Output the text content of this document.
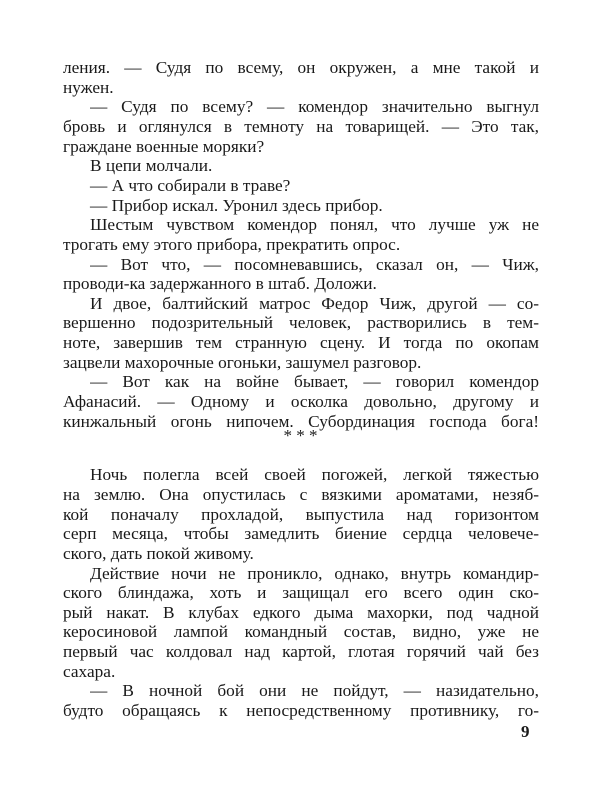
ления. — Судя по всему, он окружен, а мне такой и
нужен.
— Судя по всему? — комендор значительно выгнул
бровь и оглянулся в темноту на товарищей. — Это так,
граждане военные моряки?
В цепи молчали.
— А что собирали в траве?
— Прибор искал. Уронил здесь прибор.
Шестым чувством комендор понял, что лучше уж не
трогать ему этого прибора, прекратить опрос.
— Вот что, — посомневавшись, сказал он, — Чиж,
проводи-ка задержанного в штаб. Доложи.
И двое, балтийский матрос Федор Чиж, другой — со-
вершенно подозрительный человек, растворились в тем-
ноте, завершив тем странную сцену. И тогда по окопам
зацвели махорочные огоньки, зашумел разговор.
— Вот как на войне бывает, — говорил комендор
Афанасий. — Одному и осколка довольно, другому и
кинжальный огонь нипочем. Субординация господа бога!
* * *
Ночь полегла всей своей погожей, легкой тяжестью
на землю. Она опустилась с вязкими ароматами, незяб-
кой поначалу прохладой, выпустила над горизонтом
серп месяца, чтобы замедлить биение сердца человече-
ского, дать покой живому.
Действие ночи не проникло, однако, внутрь командир-
ского блиндажа, хоть и защищал его всего один ско-
рый накат. В клубах едкого дыма махорки, под чадной
керосиновой лампой командный состав, видно, уже не
первый час колдовал над картой, глотая горячий чай без
сахара.
— В ночной бой они не пойдут, — назидательно,
будто обращаясь к непосредственному противнику, го-
9
